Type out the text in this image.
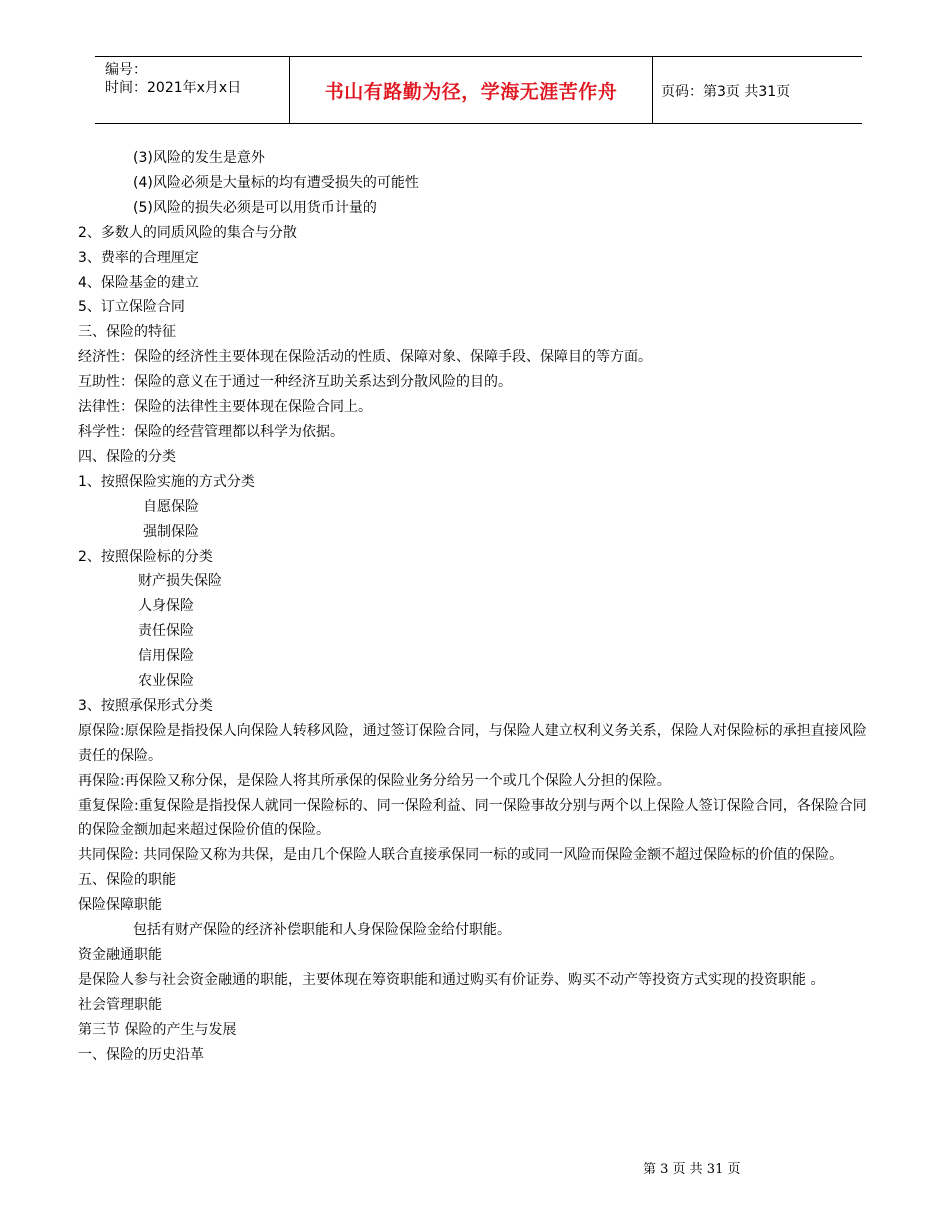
编号：
时间：2021年x月x日	书山有路勤为径，学海无涯苦作舟	页码：第3页 共31页

(3)风险的发生是意外

(4)风险必须是大量标的均有遭受损失的可能性

(5)风险的损失必须是可以用货币计量的

2、多数人的同质风险的集合与分散

3、费率的合理厘定

4、保险基金的建立

5、订立保险合同

三、保险的特征

经济性：保险的经济性主要体现在保险活动的性质、保障对象、保障手段、保障目的等方面。

互助性：保险的意义在于通过一种经济互助关系达到分散风险的目的。

法律性：保险的法律性主要体现在保险合同上。

科学性：保险的经营管理都以科学为依据。

四、保险的分类

1、按照保险实施的方式分类

自愿保险

强制保险

2、按照保险标的分类

财产损失保险

人身保险

责任保险

信用保险

农业保险

3、按照承保形式分类

原保险:原保险是指投保人向保险人转移风险，通过签订保险合同，与保险人建立权利义务关系，保险人对保险标的承担直接风险责任的保险。

再保险:再保险又称分保，是保险人将其所承保的保险业务分给另一个或几个保险人分担的保险。

重复保险:重复保险是指投保人就同一保险标的、同一保险利益、同一保险事故分别与两个以上保险人签订保险合同，各保险合同的保险金额加起来超过保险价值的保险。

共同保险: 共同保险又称为共保，是由几个保险人联合直接承保同一标的或同一风险而保险金额不超过保险标的价值的保险。

五、保险的职能

保险保障职能

包括有财产保险的经济补偿职能和人身保险保险金给付职能。

资金融通职能

是保险人参与社会资金融通的职能，主要体现在筹资职能和通过购买有价证券、购买不动产等投资方式实现的投资职能 。

社会管理职能

第三节 保险的产生与发展

一、保险的历史沿革

第 3 页 共 31 页
